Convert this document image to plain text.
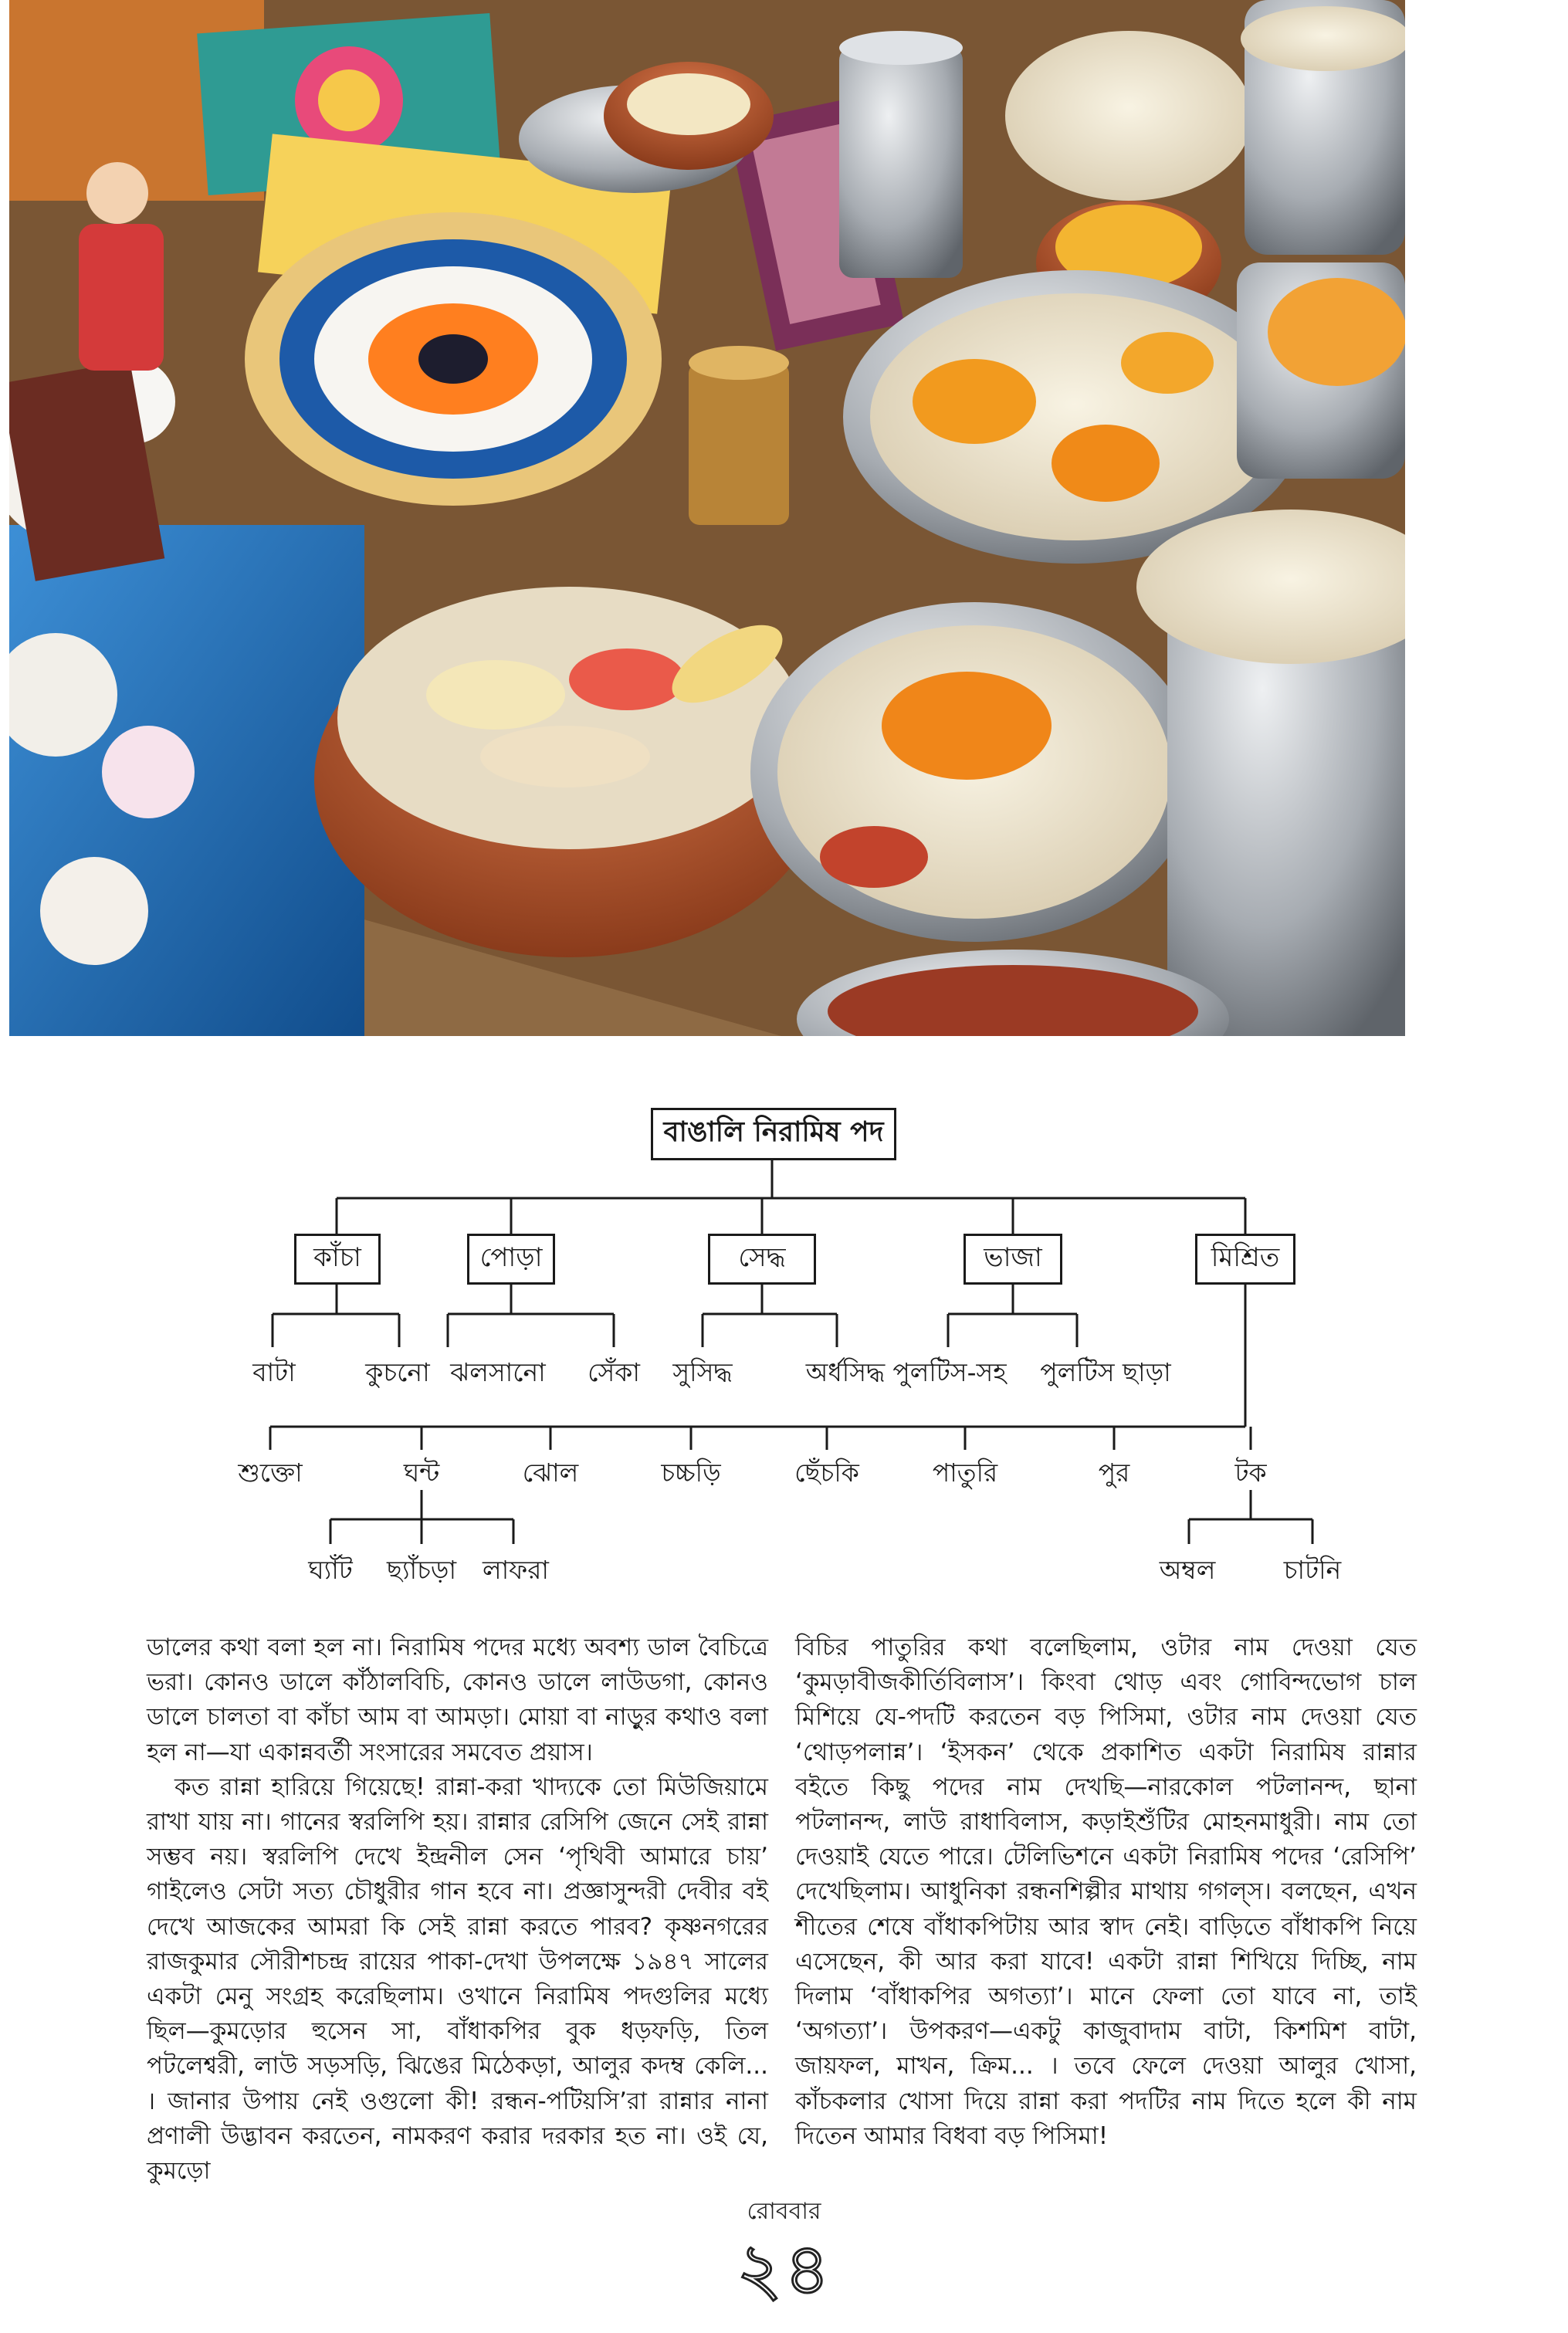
বাঙালি নিরামিষ পদ
কাঁচা	পোড়া	সেদ্ধ	ভাজা	মিশ্রিত
বাটা	কুচনো ঝলসানো সেঁকা সুসিদ্ধ	অর্ধসিদ্ধ পুলটিস-সহ পুলটিস ছাড়া
শুক্তো	ঘন্ট	ঝোল	চচ্চড়ি	ছেঁচকি	পাতুরি	পুর	টক
ঘ্যাঁট ছ্যাঁচড়া লাফরা	অম্বল	চাটনি

ডালের কথা বলা হল না। নিরামিষ পদের মধ্যে অবশ্য ডাল বৈচিত্রে ভরা। কোনও ডালে কাঁঠালবিচি, কোনও ডালে লাউডগা, কোনও ডালে চালতা বা কাঁচা আম বা আমড়া। মোয়া বা নাড়ুর কথাও বলা হল না—যা একান্নবর্তী সংসারের সমবেত প্রয়াস।

কত রান্না হারিয়ে গিয়েছে! রান্না-করা খাদ্যকে তো মিউজিয়ামে রাখা যায় না। গানের স্বরলিপি হয়। রান্নার রেসিপি জেনে সেই রান্না সম্ভব নয়। স্বরলিপি দেখে ইন্দ্রনীল সেন ‘পৃথিবী আমারে চায়’ গাইলেও সেটা সত্য চৌধুরীর গান হবে না। প্রজ্ঞাসুন্দরী দেবীর বই দেখে আজকের আমরা কি সেই রান্না করতে পারব? কৃষ্ণনগরের রাজকুমার সৌরীশচন্দ্র রায়ের পাকা-দেখা উপলক্ষে ১৯৪৭ সালের একটা মেনু সংগ্রহ করেছিলাম। ওখানে নিরামিষ পদগুলির মধ্যে ছিল—কুমড়োর হুসেন সা, বাঁধাকপির বুক ধড়ফড়ি, তিল পটলেশ্বরী, লাউ সড়সড়ি, ঝিঙের মিঠেকড়া, আলুর কদম্ব কেলি... । জানার উপায় নেই ওগুলো কী! রন্ধন-পটিয়সি’রা রান্নার নানা প্রণালী উদ্ভাবন করতেন, নামকরণ করার দরকার হত না। ওই যে, কুমড়ো

বিচির পাতুরির কথা বলেছিলাম, ওটার নাম দেওয়া যেত ‘কুমড়াবীজকীর্তিবিলাস’। কিংবা থোড় এবং গোবিন্দভোগ চাল মিশিয়ে যে-পদটি করতেন বড় পিসিমা, ওটার নাম দেওয়া যেত ‘থোড়পলান্ন’। ‘ইসকন’ থেকে প্রকাশিত একটা নিরামিষ রান্নার বইতে কিছু পদের নাম দেখছি—নারকোল পটলানন্দ, ছানা পটলানন্দ, লাউ রাধাবিলাস, কড়াইশুঁটির মোহনমাধুরী। নাম তো দেওয়াই যেতে পারে। টেলিভিশনে একটা নিরামিষ পদের ‘রেসিপি’ দেখেছিলাম। আধুনিকা রন্ধনশিল্পীর মাথায় গগল্‌স। বলছেন, এখন শীতের শেষে বাঁধাকপিটায় আর স্বাদ নেই। বাড়িতে বাঁধাকপি নিয়ে এসেছেন, কী আর করা যাবে! একটা রান্না শিখিয়ে দিচ্ছি, নাম দিলাম ‘বাঁধাকপির অগত্যা’। মানে ফেলা তো যাবে না, তাই ‘অগত্যা’। উপকরণ—একটু কাজুবাদাম বাটা, কিশমিশ বাটা, জায়ফল, মাখন, ক্রিম... । তবে ফেলে দেওয়া আলুর খোসা, কাঁচকলার খোসা দিয়ে রান্না করা পদটির নাম দিতে হলে কী নাম দিতেন আমার বিধবা বড় পিসিমা!

রোববার
২৪
